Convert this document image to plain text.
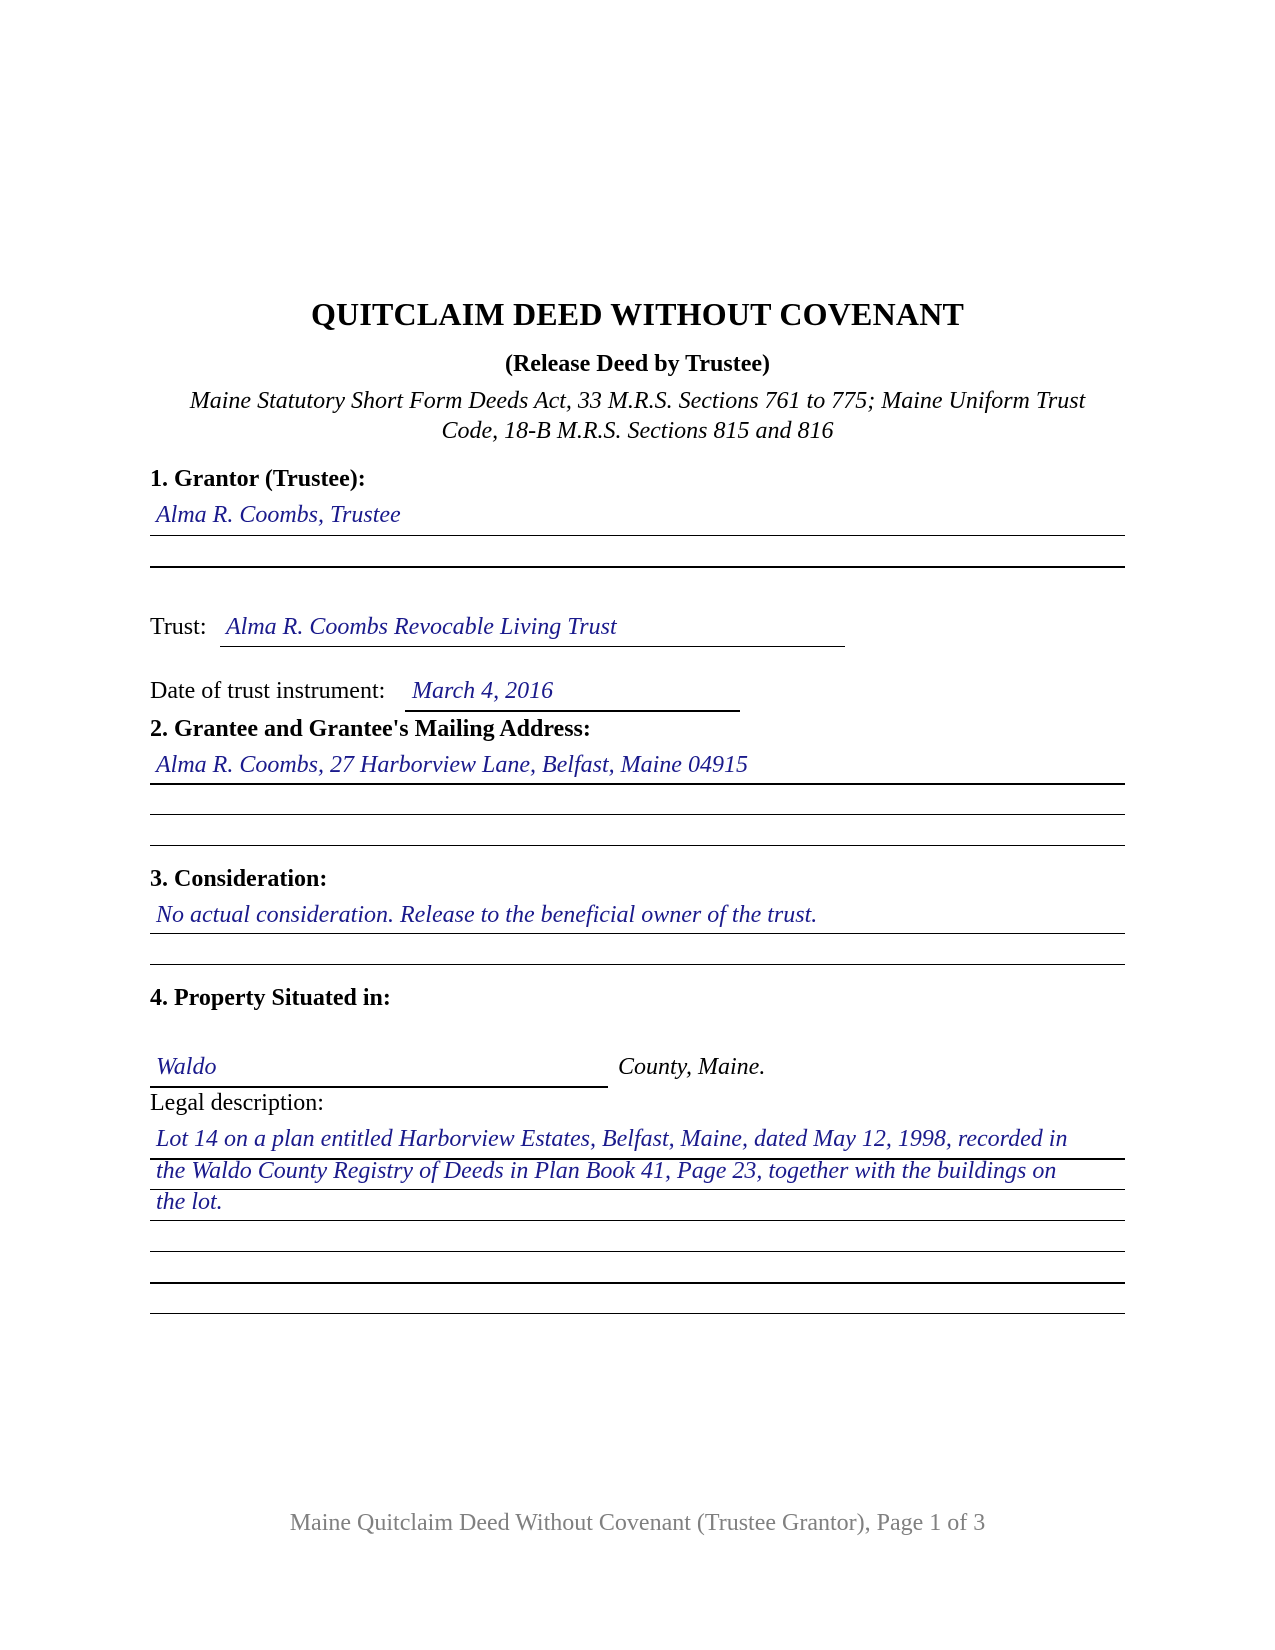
QUITCLAIM DEED WITHOUT COVENANT
(Release Deed by Trustee)
Maine Statutory Short Form Deeds Act, 33 M.R.S. Sections 761 to 775; Maine Uniform Trust Code, 18-B M.R.S. Sections 815 and 816
1. Grantor (Trustee):
Alma R. Coombs, Trustee
Trust: Alma R. Coombs Revocable Living Trust
Date of trust instrument: March 4, 2016
2. Grantee and Grantee's Mailing Address:
Alma R. Coombs, 27 Harborview Lane, Belfast, Maine 04915
3. Consideration:
No actual consideration. Release to the beneficial owner of the trust.
4. Property Situated in:
Waldo	County, Maine.
Legal description:
Lot 14 on a plan entitled Harborview Estates, Belfast, Maine, dated May 12, 1998, recorded in
the Waldo County Registry of Deeds in Plan Book 41, Page 23, together with the buildings on
the lot.
Maine Quitclaim Deed Without Covenant (Trustee Grantor), Page 1 of 3
